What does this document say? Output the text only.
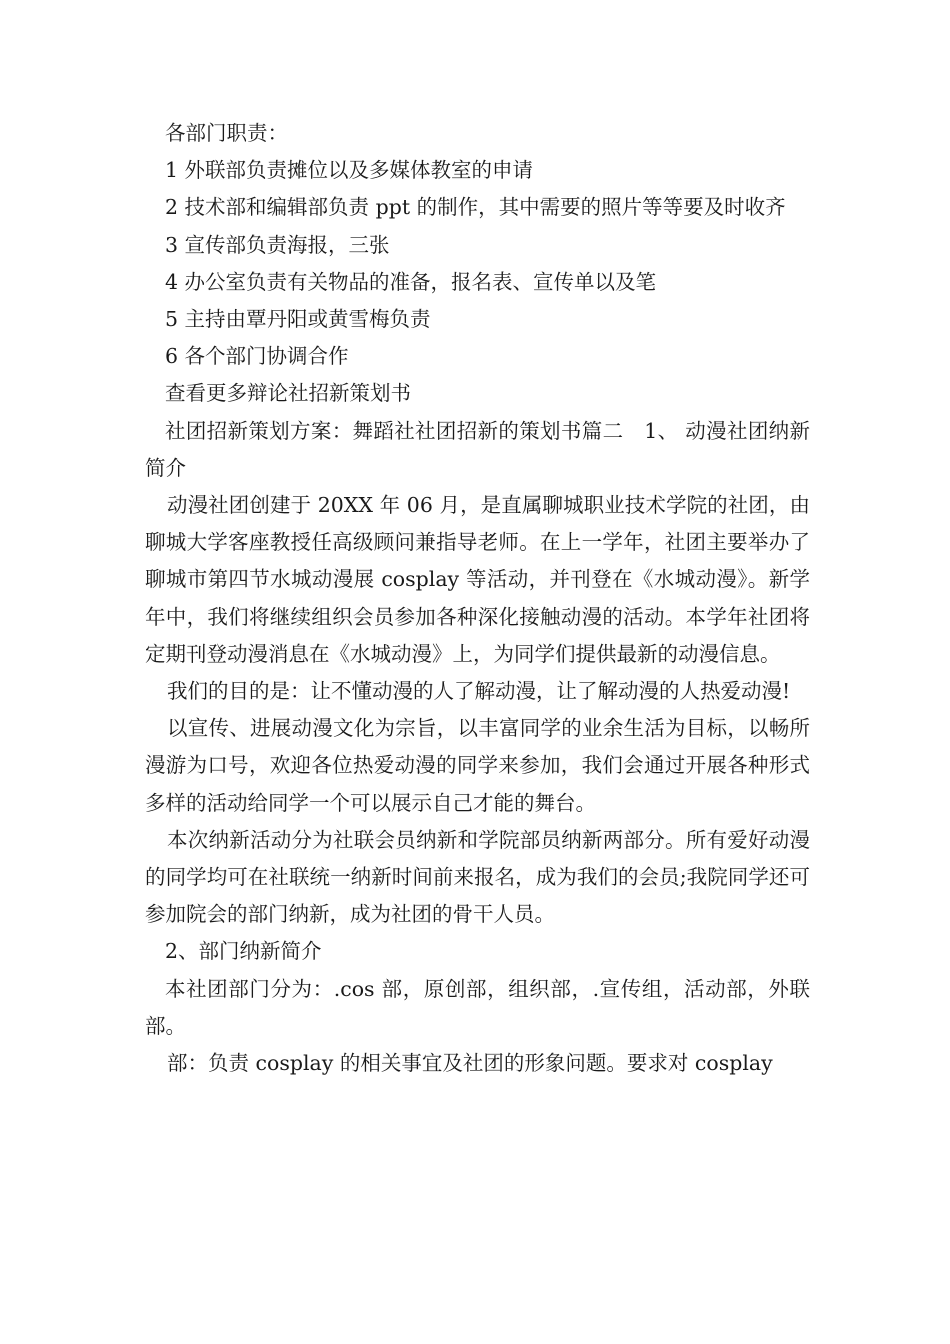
各部门职责：

1 外联部负责摊位以及多媒体教室的申请

2 技术部和编辑部负责 ppt 的制作，其中需要的照片等等要及时收齐

3 宣传部负责海报，三张

4 办公室负责有关物品的准备，报名表、宣传单以及笔

5 主持由覃丹阳或黄雪梅负责

6 各个部门协调合作

查看更多辩论社招新策划书

社团招新策划方案：舞蹈社社团招新的策划书篇二　1、 动漫社团纳新简介

动漫社团创建于 20XX 年 06 月，是直属聊城职业技术学院的社团，由聊城大学客座教授任高级顾问兼指导老师。在上一学年，社团主要举办了聊城市第四节水城动漫展 cosplay 等活动，并刊登在《水城动漫》。新学年中，我们将继续组织会员参加各种深化接触动漫的活动。本学年社团将定期刊登动漫消息在《水城动漫》上，为同学们提供最新的动漫信息。

我们的目的是：让不懂动漫的人了解动漫，让了解动漫的人热爱动漫!

以宣传、进展动漫文化为宗旨，以丰富同学的业余生活为目标，以畅所漫游为口号，欢迎各位热爱动漫的同学来参加，我们会通过开展各种形式多样的活动给同学一个可以展示自己才能的舞台。

本次纳新活动分为社联会员纳新和学院部员纳新两部分。所有爱好动漫的同学均可在社联统一纳新时间前来报名，成为我们的会员;我院同学还可参加院会的部门纳新，成为社团的骨干人员。

2、部门纳新简介

本社团部门分为：.cos 部，原创部，组织部，.宣传组，活动部，外联部。

部：负责 cosplay 的相关事宜及社团的形象问题。要求对 cosplay
